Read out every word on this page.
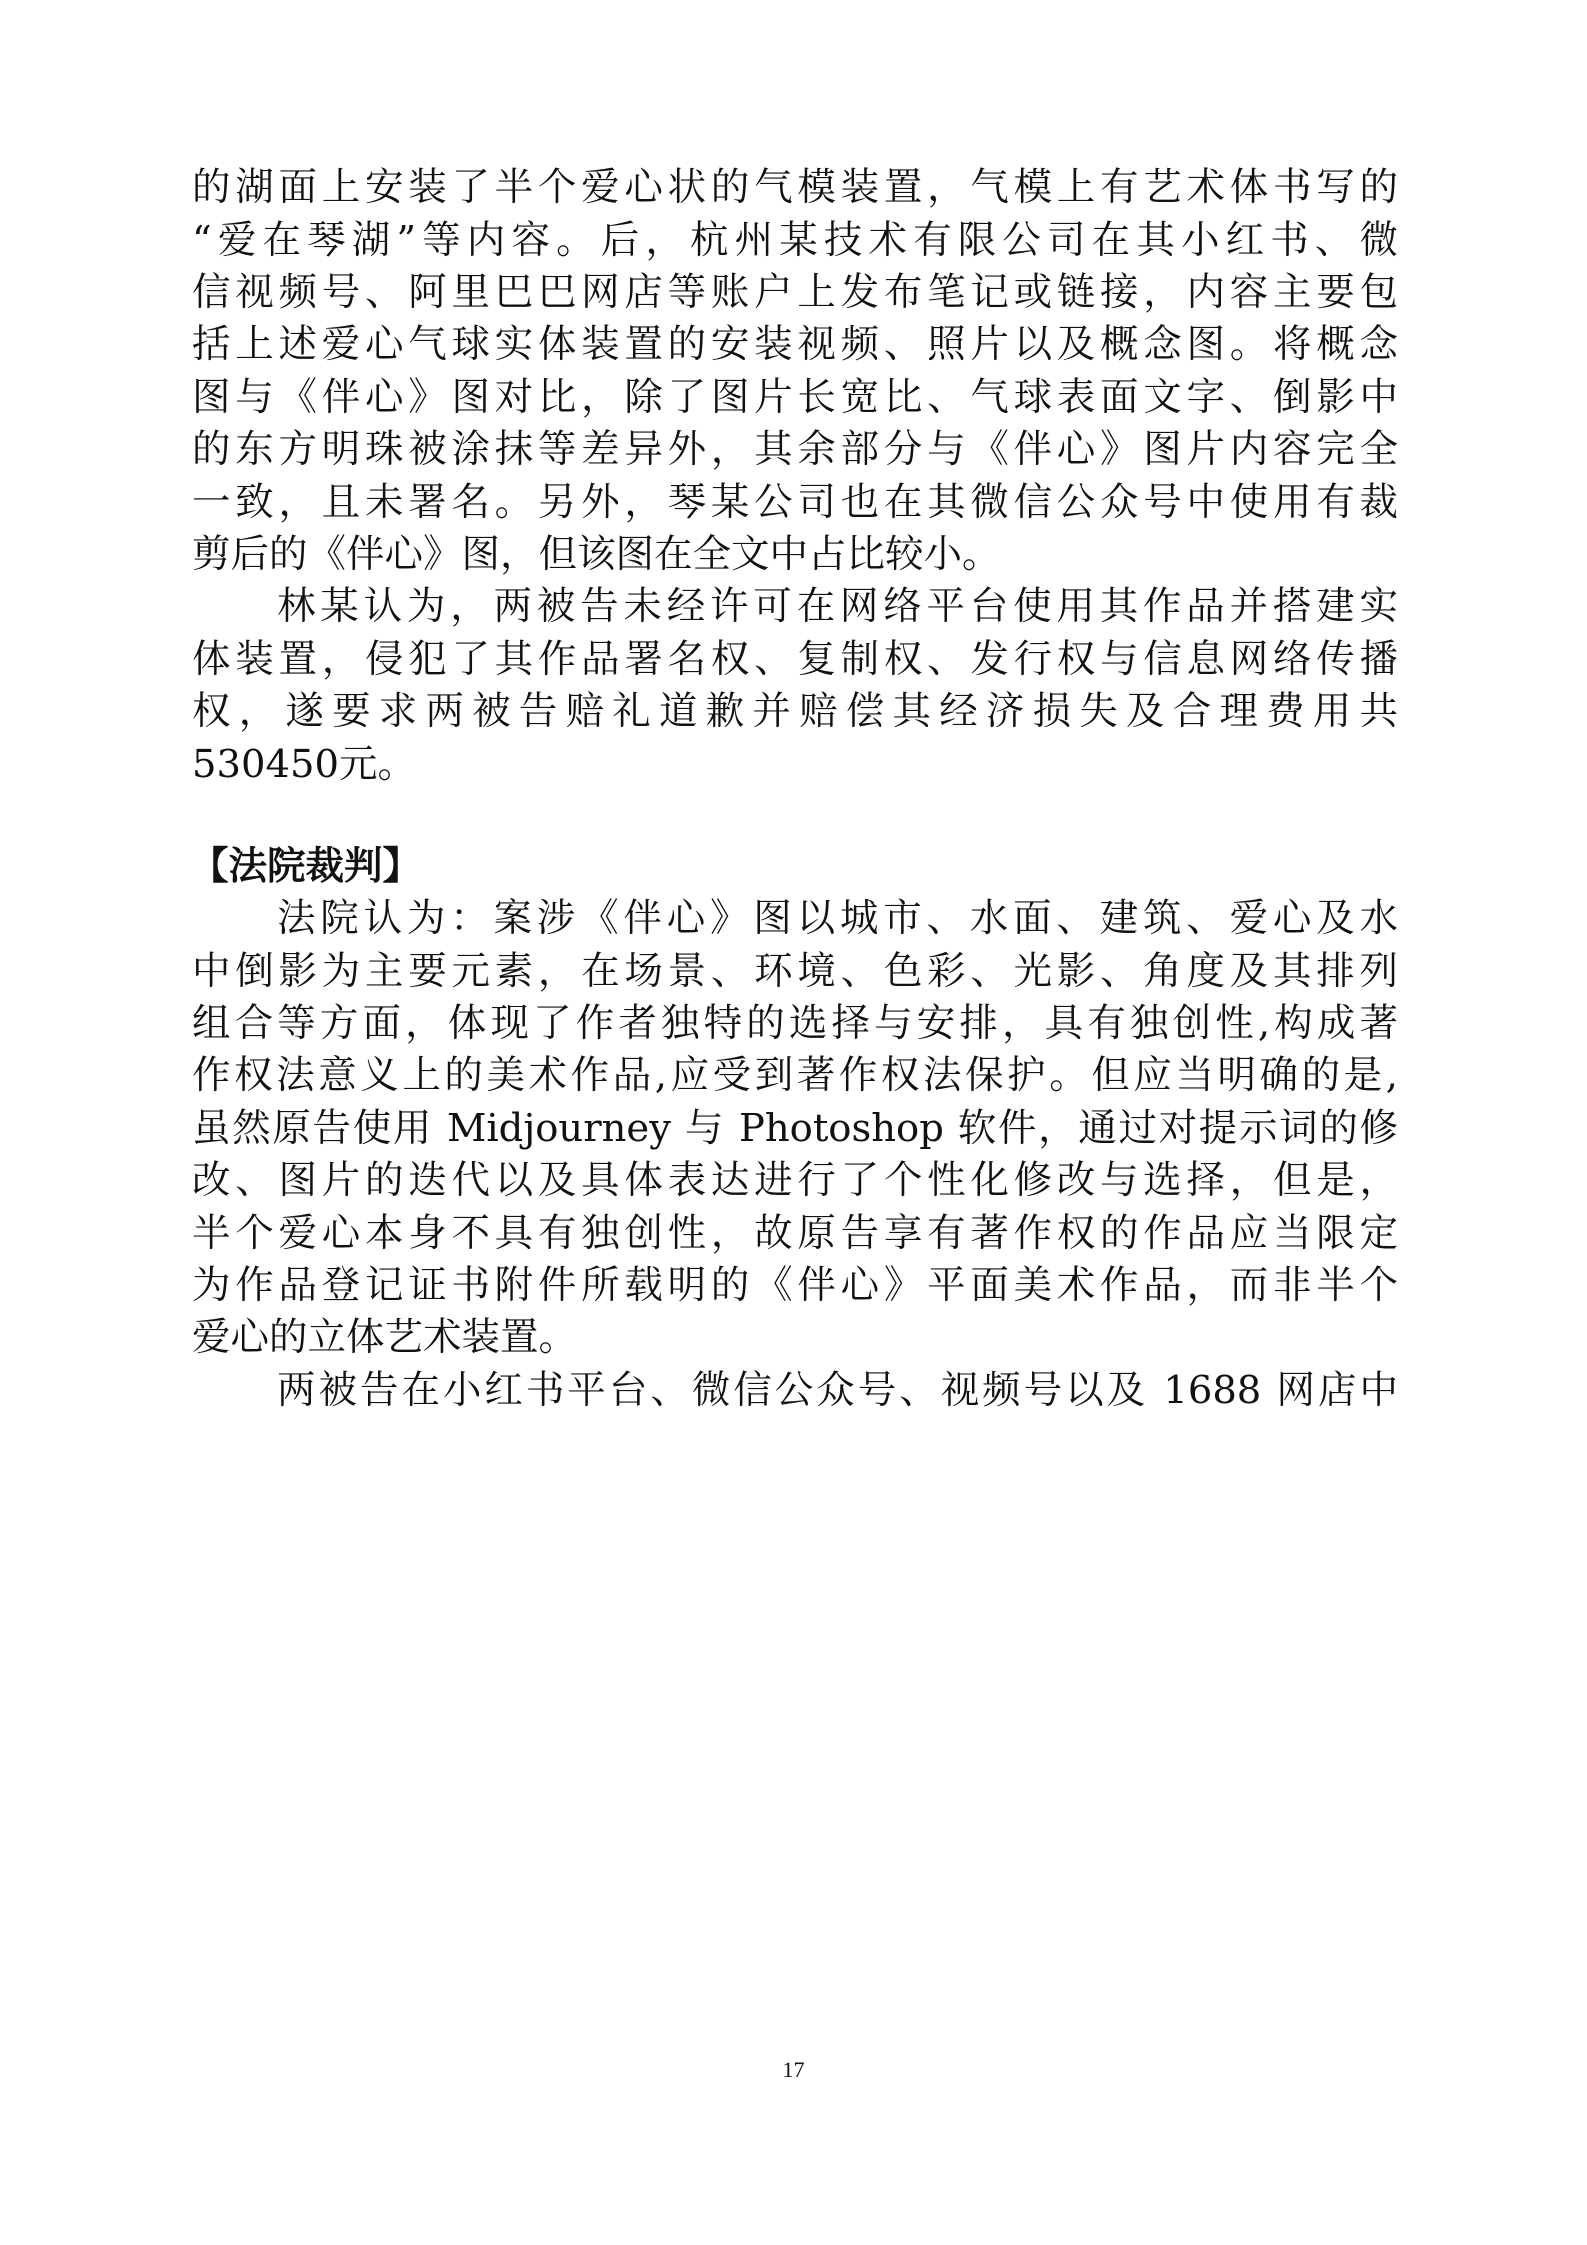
的湖面上安装了半个爱心状的气模装置，气模上有艺术体书写的
“爱在琴湖”等内容。后，杭州某技术有限公司在其小红书、微
信视频号、阿里巴巴网店等账户上发布笔记或链接，内容主要包
括上述爱心气球实体装置的安装视频、照片以及概念图。将概念
图与《伴心》图对比，除了图片长宽比、气球表面文字、倒影中
的东方明珠被涂抹等差异外，其余部分与《伴心》图片内容完全
一致，且未署名。另外，琴某公司也在其微信公众号中使用有裁
剪后的《伴心》图，但该图在全文中占比较小。
林某认为，两被告未经许可在网络平台使用其作品并搭建实
体装置，侵犯了其作品署名权、复制权、发行权与信息网络传播
权，遂要求两被告赔礼道歉并赔偿其经济损失及合理费用共
530450元。
【法院裁判】
法院认为：案涉《伴心》图以城市、水面、建筑、爱心及水
中倒影为主要元素，在场景、环境、色彩、光影、角度及其排列
组合等方面，体现了作者独特的选择与安排，具有独创性,构成著
作权法意义上的美术作品,应受到著作权法保护。但应当明确的是,
虽然原告使用 Midjourney 与 Photoshop 软件，通过对提示词的修
改、图片的迭代以及具体表达进行了个性化修改与选择，但是，
半个爱心本身不具有独创性，故原告享有著作权的作品应当限定
为作品登记证书附件所载明的《伴心》平面美术作品，而非半个
爱心的立体艺术装置。
两被告在小红书平台、微信公众号、视频号以及 1688 网店中
17
